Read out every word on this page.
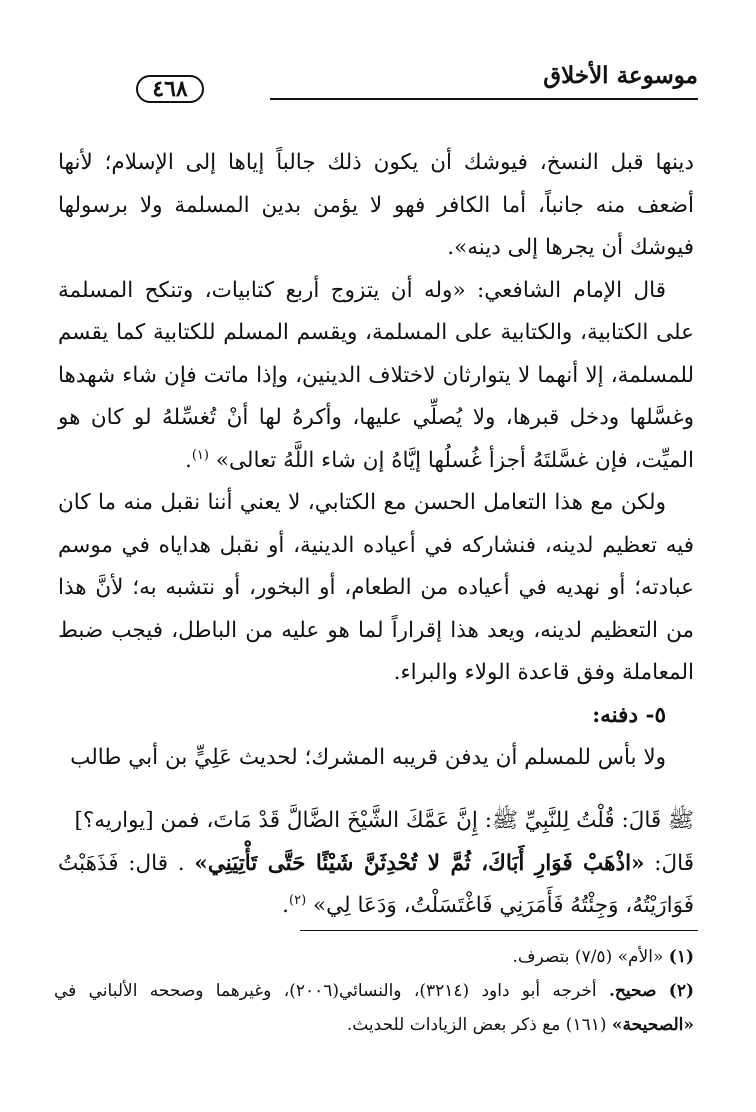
موسوعة الأخلاق
٤٦٨

دينها قبل النسخ، فيوشك أن يكون ذلك جالباً إياها إلى الإسلام؛ لأنها أضعف منه جانباً، أما الكافر فهو لا يؤمن بدين المسلمة ولا برسولها فيوشك أن يجرها إلى دينه».

قال الإمام الشافعي: «وله أن يتزوج أربع كتابيات، وتنكح المسلمة على الكتابية، والكتابية على المسلمة، ويقسم المسلم للكتابية كما يقسم للمسلمة، إلا أنهما لا يتوارثان لاختلاف الدينين، وإذا ماتت فإن شاء شهدها وغسَّلها ودخل قبرها، ولا يُصلِّي عليها، وأكرهُ لها أنْ تُغسِّلهُ لو كان هو الميِّت، فإن غسَّلتَهُ أجزأ غُسلُها إيَّاهُ إن شاء اللَّهُ تعالى» $^{(١)}$.

ولكن مع هذا التعامل الحسن مع الكتابي، لا يعني أننا نقبل منه ما كان فيه تعظيم لدينه، فنشاركه في أعياده الدينية، أو نقبل هداياه في موسم عبادته؛ أو نهديه في أعياده من الطعام، أو البخور، أو نتشبه به؛ لأنَّ هذا من التعظيم لدينه، ويعد هذا إقراراً لما هو عليه من الباطل، فيجب ضبط المعاملة وفق قاعدة الولاء والبراء.

٥- دفنه:

ولا بأس للمسلم أن يدفن قريبه المشرك؛ لحديث عَلِيٍّ بن أبي طالب

ﷺ قَالَ: قُلْتُ لِلنَّبِيِّ ﷺ: إِنَّ عَمَّكَ الشَّيْخَ الضَّالَّ قَدْ مَاتَ، فمن [يواريه؟]

قَالَ: «اذْهَبْ فَوَارِ أَبَاكَ، ثُمَّ لا تُحْدِثَنَّ شَيْئًا حَتَّى تَأْتِيَنِي» . قال: فَذَهَبْتُ فَوَارَيْتُهُ، وَجِئْتُهُ فَأَمَرَنِي فَاغْتَسَلْتُ، وَدَعَا لِي» $^{(٢)}$.

(١) «الأم» (٧/٥) بتصرف.

(٢) صحيح. أخرجه أبو داود (٣٢١٤)، والنسائي(٢٠٠٦)، وغيرهما وصححه الألباني في «الصحيحة» (١٦١) مع ذكر بعض الزيادات للحديث.
